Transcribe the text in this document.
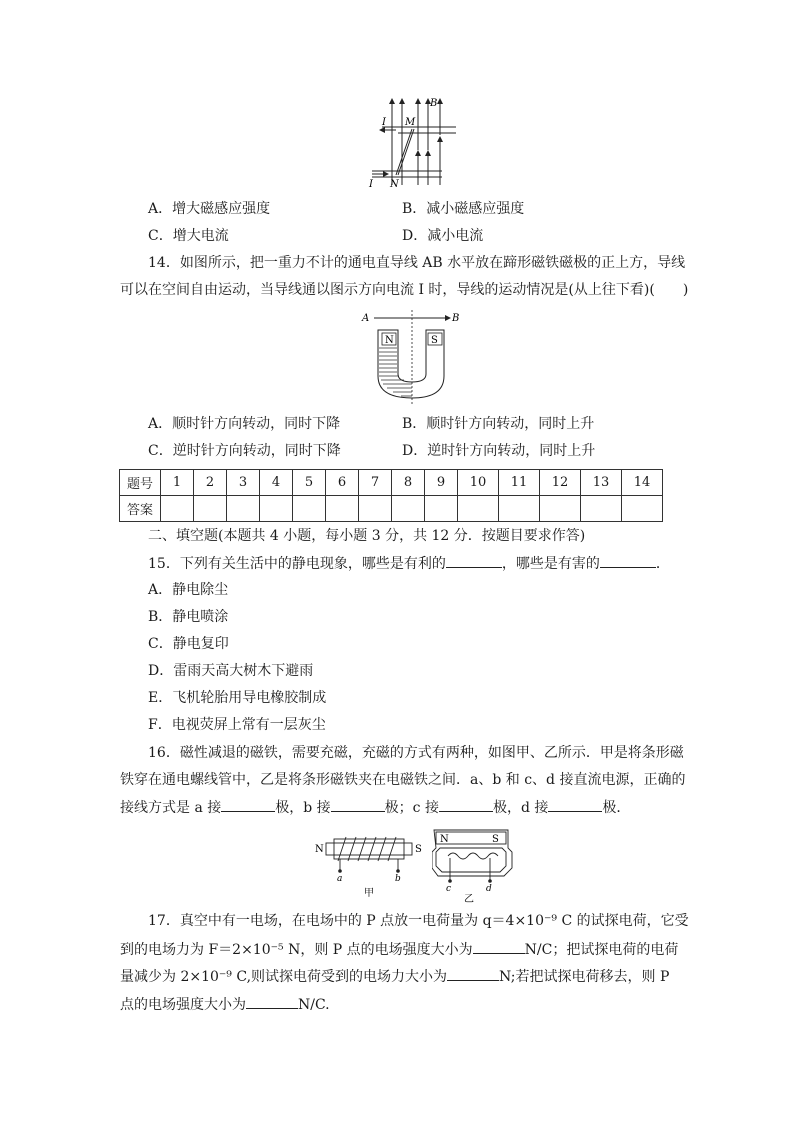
B
I M
I N
A．增大磁感应强度	B．减小磁感应强度
C．增大电流	D．减小电流
14．如图所示，把一重力不计的通电直导线 AB 水平放在蹄形磁铁磁极的正上方，导线
可以在空间自由运动，当导线通以图示方向电流 I 时，导线的运动情况是(从上往下看)(　　)
A	B
N	S
A．顺时针方向转动，同时下降	B．顺时针方向转动，同时上升
C．逆时针方向转动，同时下降	D．逆时针方向转动，同时上升
题号	1	2	3	4	5	6	7	8	9	10	11	12	13	14
答案														
二、填空题(本题共 4 小题，每小题 3 分，共 12 分．按题目要求作答)
15．下列有关生活中的静电现象，哪些是有利的	，哪些是有害的	．
A．静电除尘
B．静电喷涂
C．静电复印
D．雷雨天高大树木下避雨
E．飞机轮胎用导电橡胶制成
F．电视荧屏上常有一层灰尘
16．磁性减退的磁铁，需要充磁，充磁的方式有两种，如图甲、乙所示．甲是将条形磁
铁穿在通电螺线管中，乙是将条形磁铁夹在电磁铁之间．a、b 和 c、d 接直流电源，正确的
接线方式是 a 接	极，b 接	极；c 接	极，d 接	极．
N	S
a	b
甲
N	S
c	d
乙
17．真空中有一电场，在电场中的 P 点放一电荷量为 q＝4×10⁻⁹ C 的试探电荷，它受
到的电场力为 F＝2×10⁻⁵ N，则 P 点的电场强度大小为	N/C；把试探电荷的电荷
量减少为 2×10⁻⁹ C,则试探电荷受到的电场力大小为	N;若把试探电荷移去，则 P
点的电场强度大小为	N/C.
